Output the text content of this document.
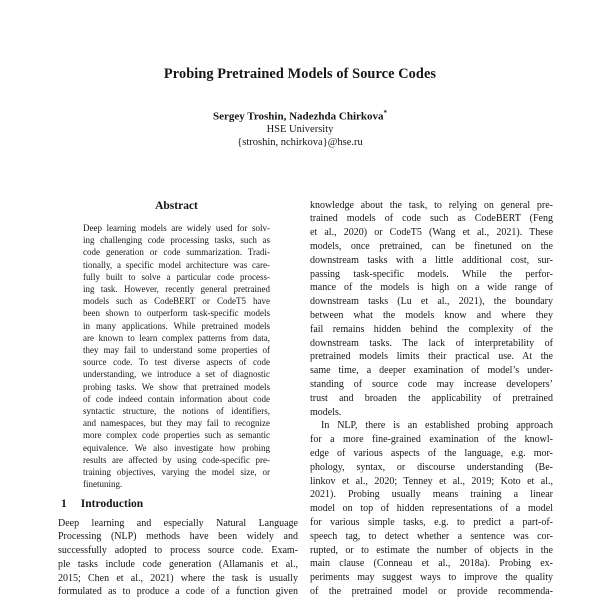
Probing Pretrained Models of Source Codes
Sergey Troshin, Nadezhda Chirkova*
HSE University
{stroshin, nchirkova}@hse.ru
Abstract
Deep learning models are widely used for solv-
ing challenging code processing tasks, such as
code generation or code summarization. Tradi-
tionally, a specific model architecture was care-
fully built to solve a particular code process-
ing task. However, recently general pretrained
models such as CodeBERT or CodeT5 have
been shown to outperform task-specific models
in many applications. While pretrained models
are known to learn complex patterns from data,
they may fail to understand some properties of
source code. To test diverse aspects of code
understanding, we introduce a set of diagnostic
probing tasks. We show that pretrained models
of code indeed contain information about code
syntactic structure, the notions of identifiers,
and namespaces, but they may fail to recognize
more complex code properties such as semantic
equivalence. We also investigate how probing
results are affected by using code-specific pre-
training objectives, varying the model size, or
finetuning.
1 Introduction
Deep learning and especially Natural Language
Processing (NLP) methods have been widely and
successfully adopted to process source code. Exam-
ple tasks include code generation (Allamanis et al.,
2015; Chen et al., 2021) where the task is usually
formulated as to produce a code of a function given
knowledge about the task, to relying on general pre-
trained models of code such as CodeBERT (Feng
et al., 2020) or CodeT5 (Wang et al., 2021). These
models, once pretrained, can be finetuned on the
downstream tasks with a little additional cost, sur-
passing task-specific models. While the perfor-
mance of the models is high on a wide range of
downstream tasks (Lu et al., 2021), the boundary
between what the models know and where they
fail remains hidden behind the complexity of the
downstream tasks. The lack of interpretability of
pretrained models limits their practical use. At the
same time, a deeper examination of model’s under-
standing of source code may increase developers’
trust and broaden the applicability of pretrained
models.
In NLP, there is an established probing approach
for a more fine-grained examination of the knowl-
edge of various aspects of the language, e.g. mor-
phology, syntax, or discourse understanding (Be-
linkov et al., 2020; Tenney et al., 2019; Koto et al.,
2021). Probing usually means training a linear
model on top of hidden representations of a model
for various simple tasks, e.g. to predict a part-of-
speech tag, to detect whether a sentence was cor-
rupted, or to estimate the number of objects in the
main clause (Conneau et al., 2018a). Probing ex-
periments may suggest ways to improve the quality
of the pretrained model or provide recommenda-
